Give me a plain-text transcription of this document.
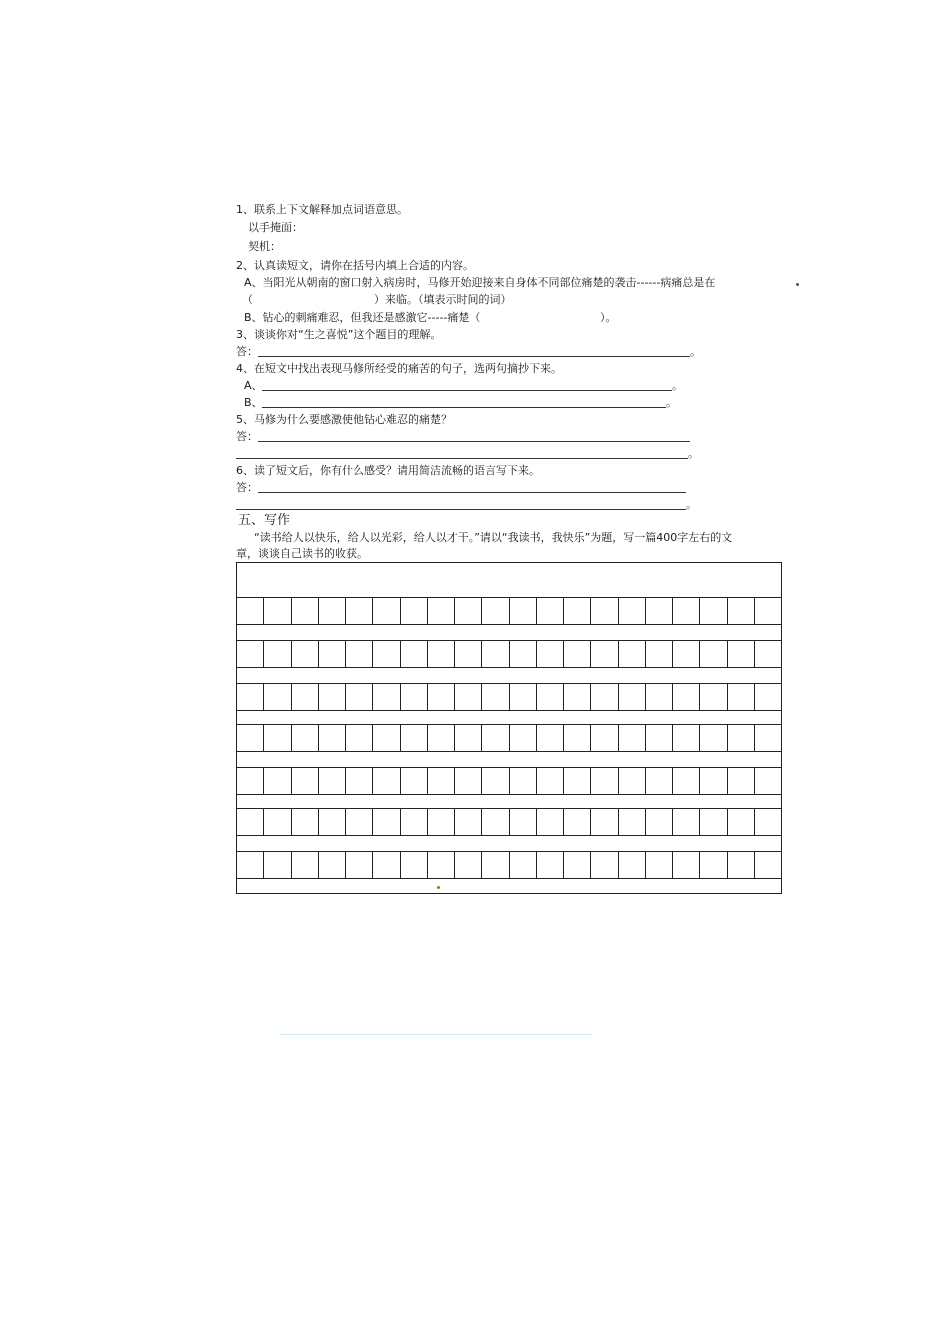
1、联系上下文解释加点词语意思。
以手掩面：
契机：
2、认真读短文，请你在括号内填上合适的内容。
A、当阳光从朝南的窗口射入病房时，马修开始迎接来自身体不同部位痛楚的袭击------病痛总是在
（	）来临。（填表示时间的词）
B、钻心的刺痛难忍，但我还是感激它-----痛楚（	）。
3、谈谈你对“生之喜悦”这个题目的理解。
答：	。
4、在短文中找出表现马修所经受的痛苦的句子，选两句摘抄下来。
A、	。
B、	。
5、马修为什么要感激使他钻心难忍的痛楚？
答：
。
6、读了短文后，你有什么感受？请用简洁流畅的语言写下来。
答：
。
五、写作
“读书给人以快乐，给人以光彩，给人以才干。”请以“我读书，我快乐”为题，写一篇400字左右的文
章，谈谈自己读书的收获。
